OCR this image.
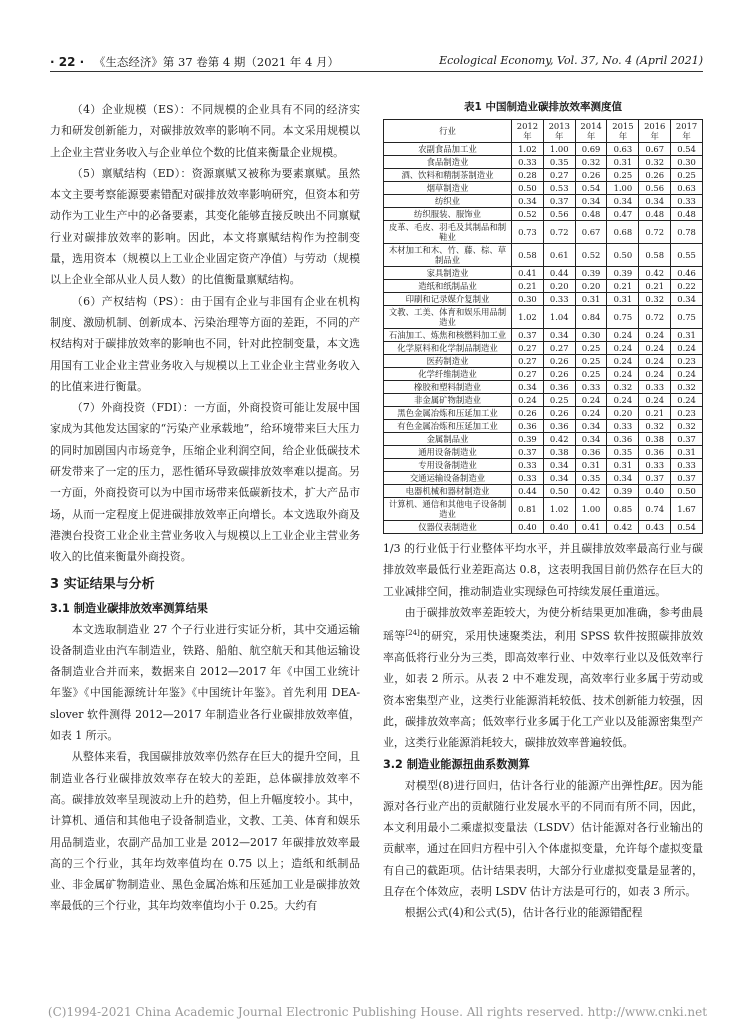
· 22 · 《生态经济》第 37 卷第 4 期（2021 年 4 月）	Ecological Economy, Vol. 37, No. 4 (April 2021)

（4）企业规模（ES）：不同规模的企业具有不同的经济实力和研发创新能力，对碳排放效率的影响不同。本文采用规模以上企业主营业务收入与企业单位个数的比值来衡量企业规模。

（5）禀赋结构（ED）：资源禀赋又被称为要素禀赋。虽然本文主要考察能源要素错配对碳排放效率影响研究，但资本和劳动作为工业生产中的必备要素，其变化能够直接反映出不同禀赋行业对碳排放效率的影响。因此，本文将禀赋结构作为控制变量，选用资本（规模以上工业企业固定资产净值）与劳动（规模以上企业全部从业人员人数）的比值衡量禀赋结构。

（6）产权结构（PS）：由于国有企业与非国有企业在机构制度、激励机制、创新成本、污染治理等方面的差距，不同的产权结构对于碳排放效率的影响也不同，针对此控制变量，本文选用国有工业企业主营业务收入与规模以上工业企业主营业务收入的比值来进行衡量。

（7）外商投资（FDI）：一方面，外商投资可能让发展中国家成为其他发达国家的“污染产业承载地”，给环境带来巨大压力的同时加剧国内市场竞争，压缩企业利润空间，给企业低碳技术研发带来了一定的压力，恶性循环导致碳排放效率难以提高。另一方面，外商投资可以为中国市场带来低碳新技术，扩大产品市场，从而一定程度上促进碳排放效率正向增长。本文选取外商及港澳台投资工业企业主营业务收入与规模以上工业企业主营业务收入的比值来衡量外商投资。

3 实证结果与分析
3.1 制造业碳排放效率测算结果

本文选取制造业 27 个子行业进行实证分析，其中交通运输设备制造业由汽车制造业，铁路、船舶、航空航天和其他运输设备制造业合并而来，数据来自 2012—2017 年《中国工业统计年鉴》《中国能源统计年鉴》《中国统计年鉴》。首先利用 DEA-slover 软件测得 2012—2017 年制造业各行业碳排放效率值，如表 1 所示。

从整体来看，我国碳排放效率仍然存在巨大的提升空间，且制造业各行业碳排放效率存在较大的差距，总体碳排放效率不高。碳排放效率呈现波动上升的趋势，但上升幅度较小。其中，计算机、通信和其他电子设备制造业，文教、工美、体育和娱乐用品制造业，农副产品加工业是 2012—2017 年碳排放效率最高的三个行业，其年均效率值均在 0.75 以上；造纸和纸制品业、非金属矿物制造业、黑色金属冶炼和压延加工业是碳排放效率最低的三个行业，其年均效率值均小于 0.25。大约有

表1 中国制造业碳排放效率测度值
行业	2012年	2013年	2014年	2015年	2016年	2017年
农副食品加工业	1.02	1.00	0.69	0.63	0.67	0.54
食品制造业	0.33	0.35	0.32	0.31	0.32	0.30
酒、饮料和精制茶制造业	0.28	0.27	0.26	0.25	0.26	0.25
烟草制造业	0.50	0.53	0.54	1.00	0.56	0.63
纺织业	0.34	0.37	0.34	0.34	0.34	0.33
纺织服装、服饰业	0.52	0.56	0.48	0.47	0.48	0.48
皮革、毛皮、羽毛及其制品和制鞋业	0.73	0.72	0.67	0.68	0.72	0.78
木材加工和木、竹、藤、棕、草制品业	0.58	0.61	0.52	0.50	0.58	0.55
家具制造业	0.41	0.44	0.39	0.39	0.42	0.46
造纸和纸制品业	0.21	0.20	0.20	0.21	0.21	0.22
印刷和记录媒介复制业	0.30	0.33	0.31	0.31	0.32	0.34
文教、工美、体育和娱乐用品制造业	1.02	1.04	0.84	0.75	0.72	0.75
石油加工、炼焦和核燃料加工业	0.37	0.34	0.30	0.24	0.24	0.31
化学原料和化学制品制造业	0.27	0.27	0.25	0.24	0.24	0.24
医药制造业	0.27	0.26	0.25	0.24	0.24	0.23
化学纤维制造业	0.27	0.26	0.25	0.24	0.24	0.24
橡胶和塑料制造业	0.34	0.36	0.33	0.32	0.33	0.32
非金属矿物制造业	0.24	0.25	0.24	0.24	0.24	0.24
黑色金属冶炼和压延加工业	0.26	0.26	0.24	0.20	0.21	0.23
有色金属冶炼和压延加工业	0.36	0.36	0.34	0.33	0.32	0.32
金属制品业	0.39	0.42	0.34	0.36	0.38	0.37
通用设备制造业	0.37	0.38	0.36	0.35	0.36	0.31
专用设备制造业	0.33	0.34	0.31	0.31	0.33	0.33
交通运输设备制造业	0.33	0.34	0.35	0.34	0.37	0.37
电器机械和器材制造业	0.44	0.50	0.42	0.39	0.40	0.50
计算机、通信和其他电子设备制造业	0.81	1.02	1.00	0.85	0.74	1.67
仪器仪表制造业	0.40	0.40	0.41	0.42	0.43	0.54

1/3 的行业低于行业整体平均水平，并且碳排放效率最高行业与碳排放效率最低行业差距高达 0.8，这表明我国目前仍然存在巨大的工业减排空间，推动制造业实现绿色可持续发展任重道远。

由于碳排放效率差距较大，为使分析结果更加准确，参考曲晨瑶等[24]的研究，采用快速聚类法，利用 SPSS 软件按照碳排放效率高低将行业分为三类，即高效率行业、中效率行业以及低效率行业，如表 2 所示。从表 2 中不难发现，高效率行业多属于劳动或资本密集型产业，这类行业能源消耗较低、技术创新能力较强，因此，碳排放效率高；低效率行业多属于化工产业以及能源密集型产业，这类行业能源消耗较大，碳排放效率普遍较低。

3.2 制造业能源扭曲系数测算

对模型(8)进行回归，估计各行业的能源产出弹性βE。因为能源对各行业产出的贡献随行业发展水平的不同而有所不同，因此，本文利用最小二乘虚拟变量法（LSDV）估计能源对各行业输出的贡献率，通过在回归方程中引入个体虚拟变量，允许每个虚拟变量有自己的截距项。估计结果表明，大部分行业虚拟变量是显著的，且存在个体效应，表明 LSDV 估计方法是可行的，如表 3 所示。

根据公式(4)和公式(5)，估计各行业的能源错配程

(C)1994-2021 China Academic Journal Electronic Publishing House. All rights reserved. http://www.cnki.net
